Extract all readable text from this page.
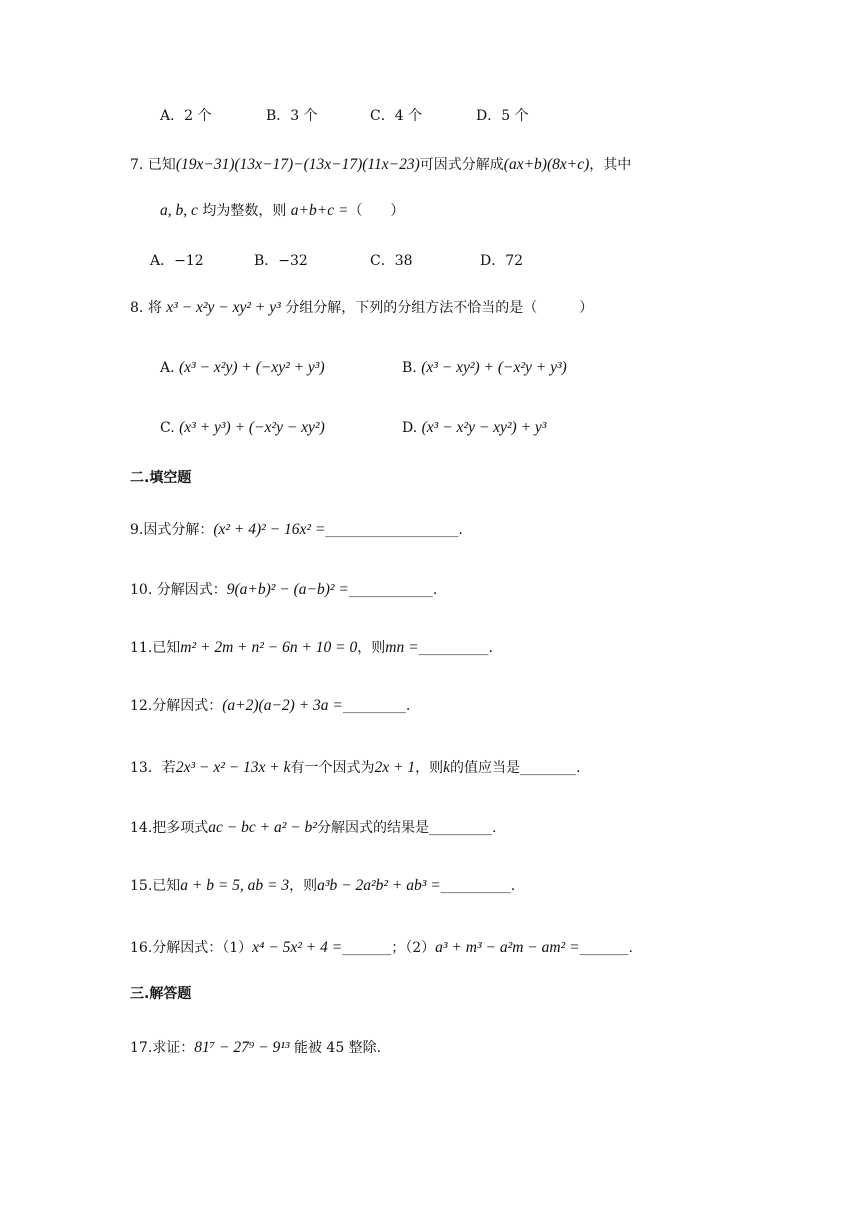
A．2 个	B．3 个	C．4 个	D．5 个
7. 已知(19x−31)(13x−17)−(13x−17)(11x−23)可因式分解成(ax+b)(8x+c)，其中
a, b, c 均为整数，则 a+b+c =（　　）
A．−12	B．−32	C．38	D．72
8. 将 x³ − x²y − xy² + y³ 分组分解，下列的分组方法不恰当的是（　　　）
A. (x³ − x²y) + (−xy² + y³)	B. (x³ − xy²) + (−x²y + y³)
C. (x³ + y³) + (−x²y − xy²)	D. (x³ − x²y − xy²) + y³
二.填空题
9.因式分解：(x² + 4)² − 16x² =___________________.
10. 分解因式：9(a+b)² − (a−b)² =____________.
11.已知m² + 2m + n² − 6n + 10 = 0，则mn =__________.
12.分解因式：(a+2)(a−2) + 3a =_________.
13．若2x³ − x² − 13x + k有一个因式为2x + 1，则k的值应当是________.
14.把多项式ac − bc + a² − b²分解因式的结果是_________.
15.已知a + b = 5, ab = 3，则a³b − 2a²b² + ab³ =__________.
16.分解因式：（1）x⁴ − 5x² + 4 =_______；（2）a³ + m³ − a²m − am² =_______.
三.解答题
17.求证：81⁷ − 27⁹ − 9¹³ 能被 45 整除.
